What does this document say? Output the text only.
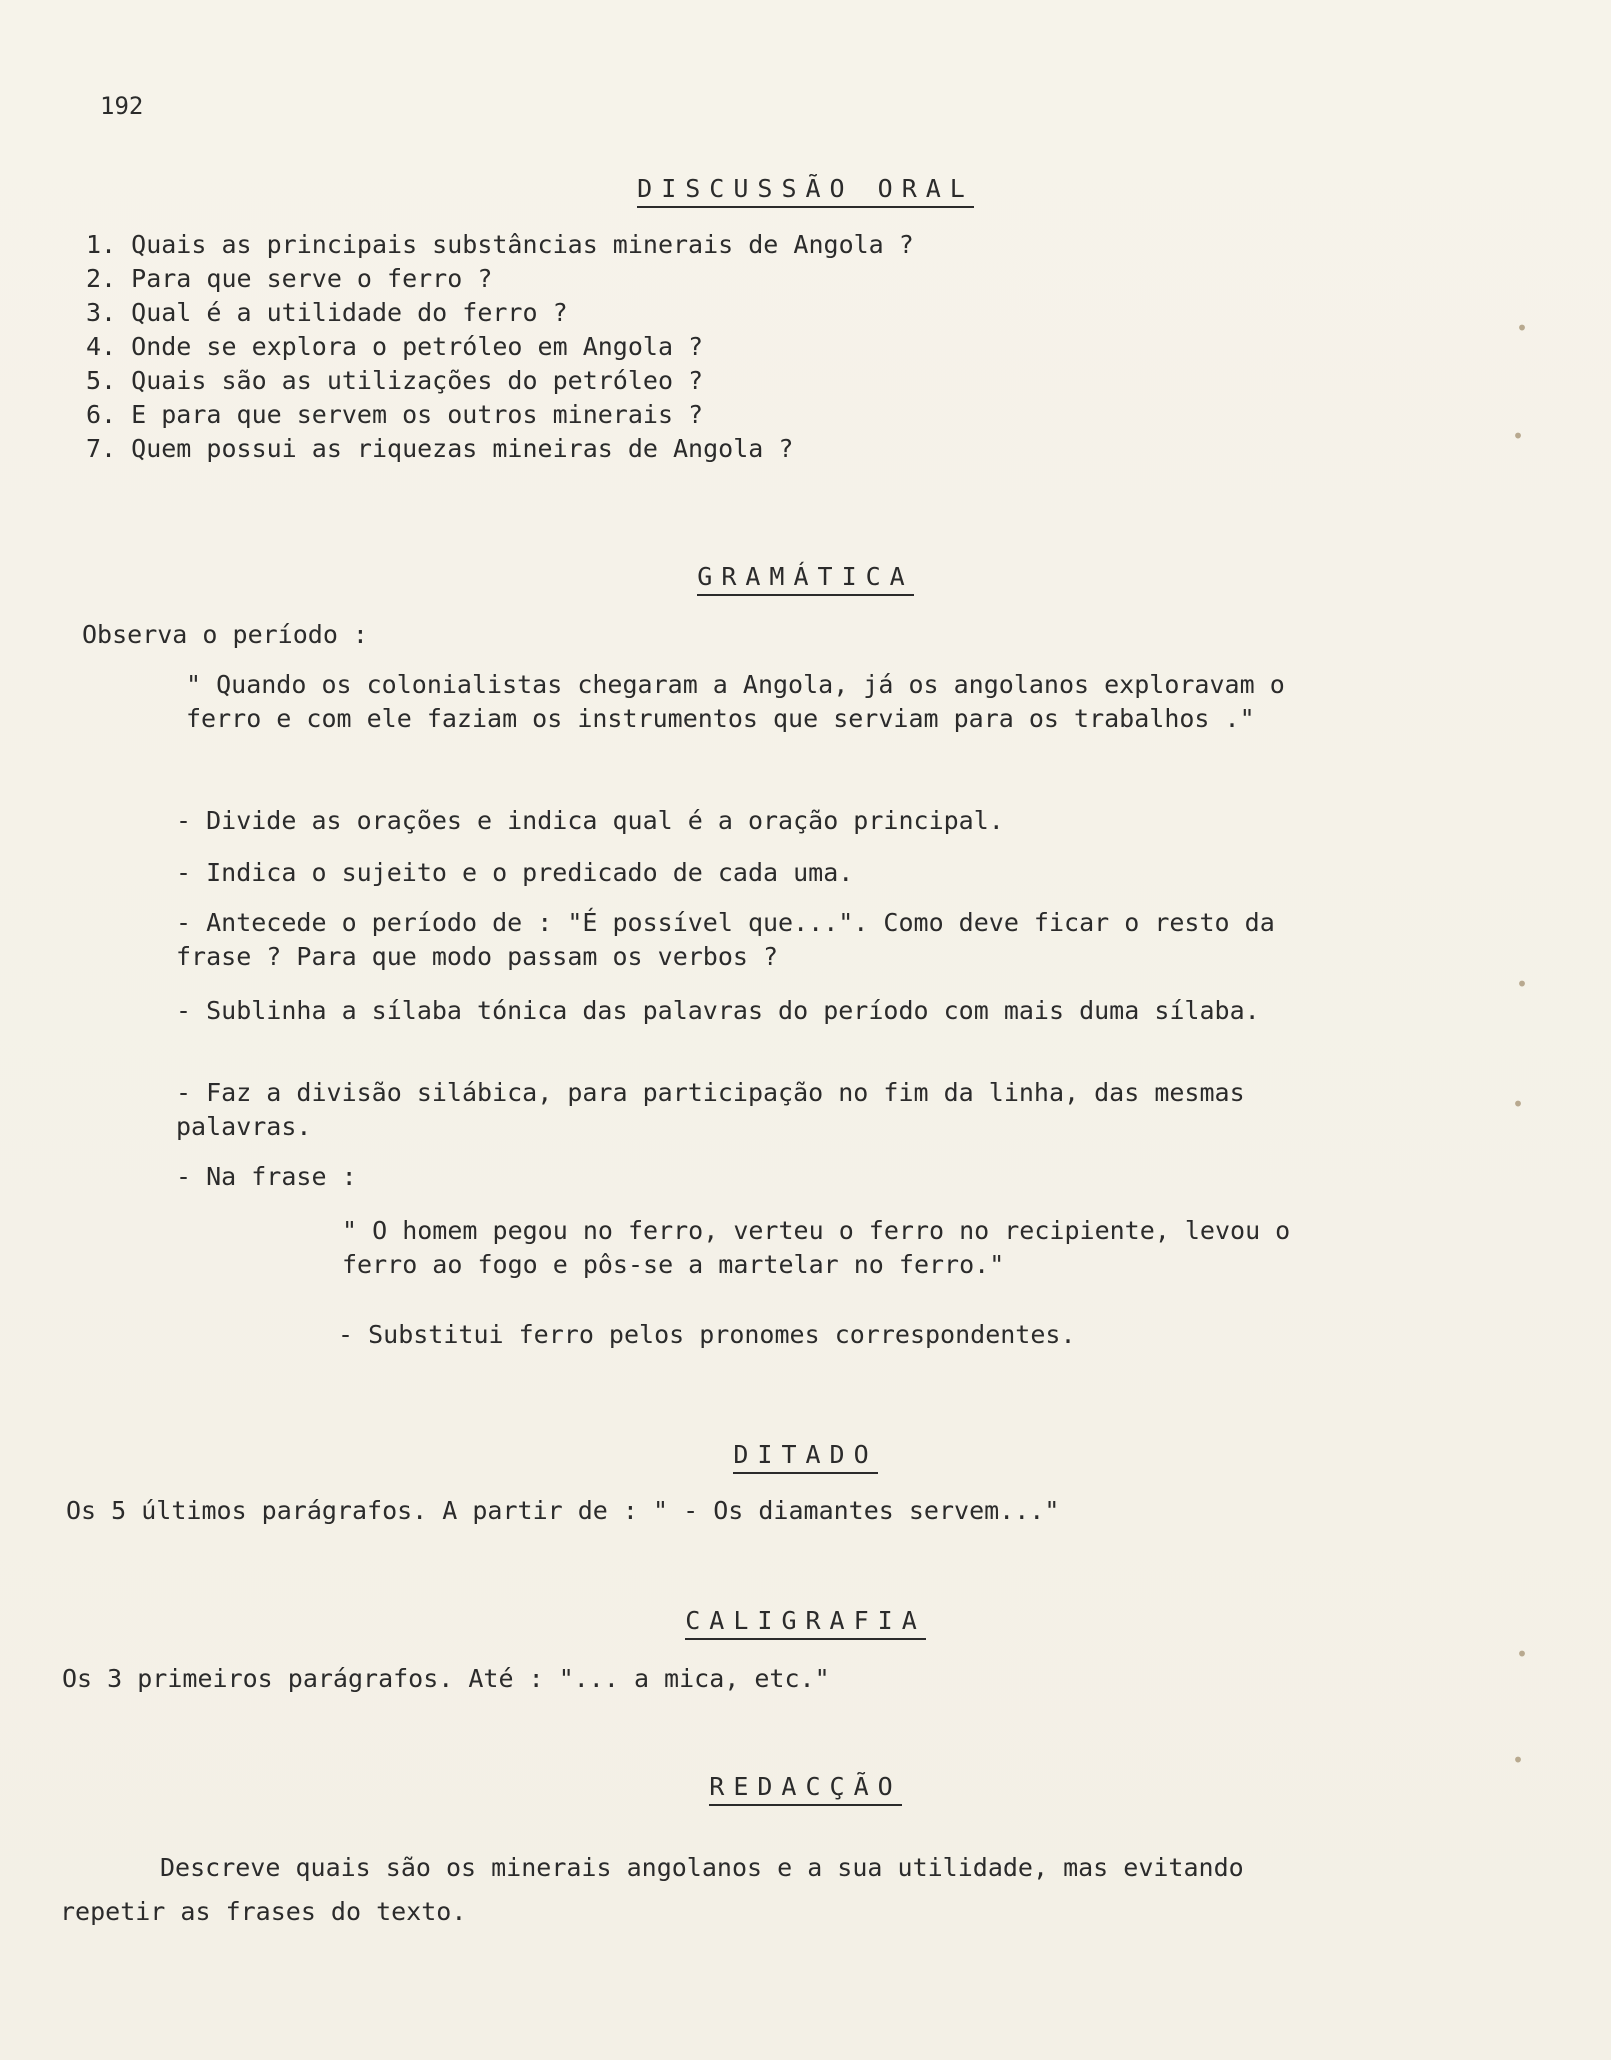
192
DISCUSSÃO ORAL
1. Quais as principais substâncias minerais de Angola ?
2. Para que serve o ferro ?
3. Qual é a utilidade do ferro ?
4. Onde se explora o petróleo em Angola ?
5. Quais são as utilizações do petróleo ?
6. E para que servem os outros minerais ?
7. Quem possui as riquezas mineiras de Angola ?
GRAMÁTICA
Observa o período :
" Quando os colonialistas chegaram a Angola, já os angolanos exploravam o ferro e com ele faziam os instrumentos que serviam para os trabalhos ."
- Divide as orações e indica qual é a oração principal.
- Indica o sujeito e o predicado de cada uma.
- Antecede o período de : "É possível que...". Como deve ficar o resto da frase ? Para que modo passam os verbos ?
- Sublinha a sílaba tónica das palavras do período com mais duma sílaba.
- Faz a divisão silábica, para participação no fim da linha, das mesmas palavras.
- Na frase :
" O homem pegou no ferro, verteu o ferro no recipiente, levou o ferro ao fogo e pôs-se a martelar no ferro."
- Substitui ferro pelos pronomes correspondentes.
DITADO
Os 5 últimos parágrafos. A partir de : " - Os diamantes servem..."
CALIGRAFIA
Os 3 primeiros parágrafos. Até : "... a mica, etc."
REDACÇÃO
Descreve quais são os minerais angolanos e a sua utilidade, mas evitando repetir as frases do texto.
•
•
•
•
•
•
